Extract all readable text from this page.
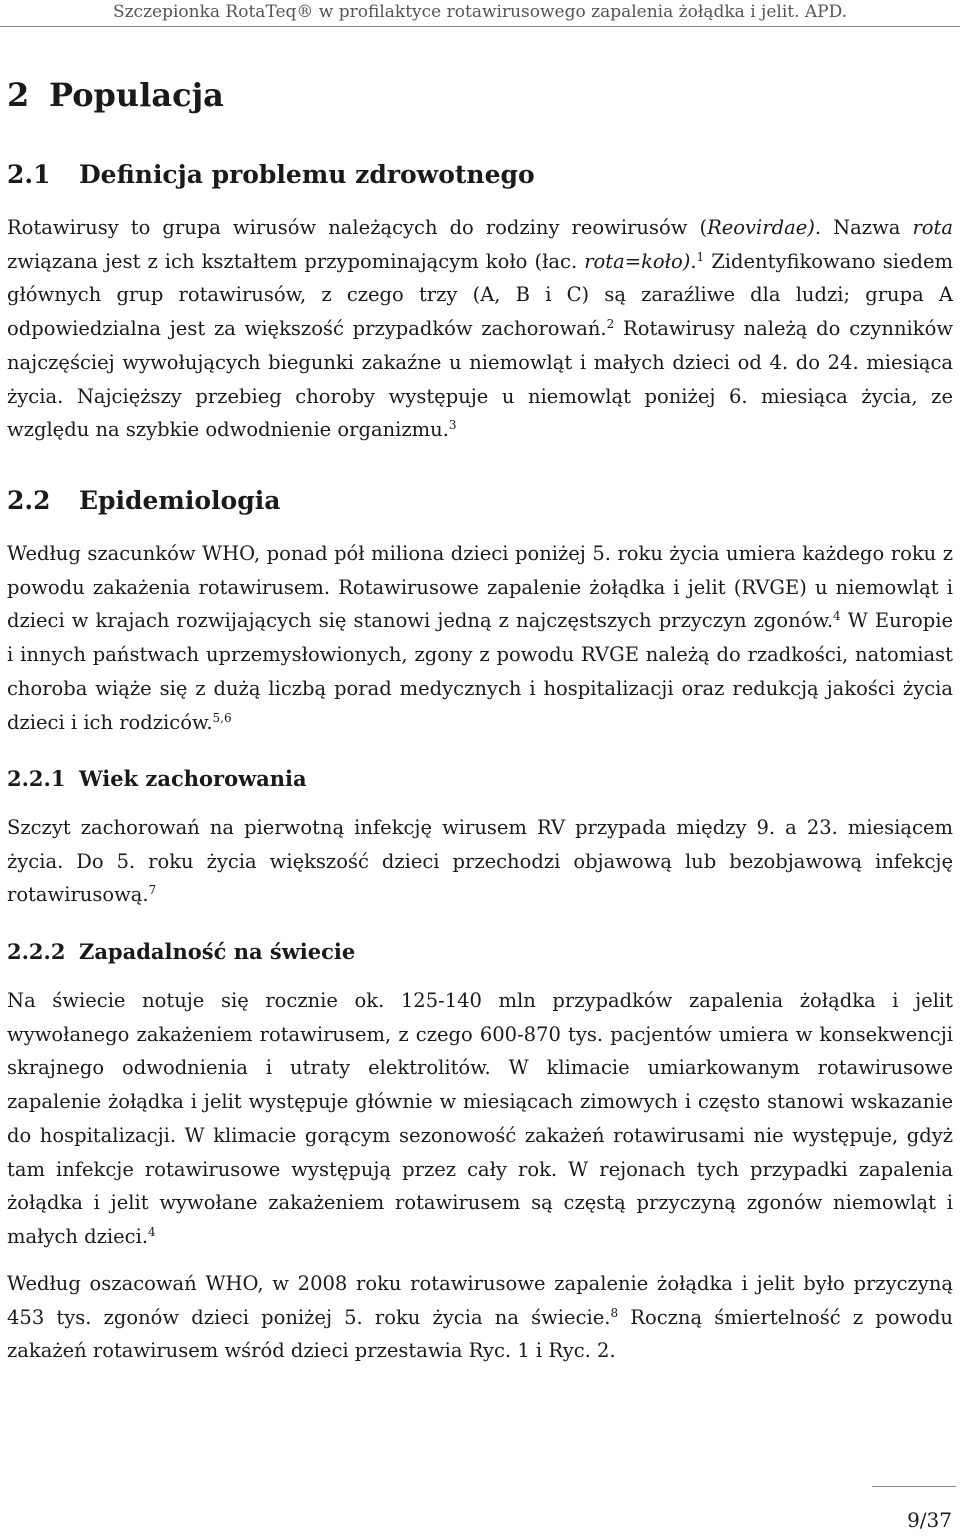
Szczepionka RotaTeq® w profilaktyce rotawirusowego zapalenia żołądka i jelit. APD.
2 Populacja
2.1 Definicja problemu zdrowotnego

Rotawirusy to grupa wirusów należących do rodziny reowirusów (Reovirdae). Nazwa rota związana jest z ich kształtem przypominającym koło (łac. rota=koło).$^1$ Zidentyfikowano siedem głównych grup rotawirusów, z czego trzy (A, B i C) są zaraźliwe dla ludzi; grupa A odpowiedzialna jest za większość przypadków zachorowań.$^2$ Rotawirusy należą do czynników najczęściej wywołujących biegunki zakaźne u niemowląt i małych dzieci od 4. do 24. miesiąca życia. Najcięższy przebieg choroby występuje u niemowląt poniżej 6. miesiąca życia, ze względu na szybkie odwodnienie organizmu.$^3$

2.2 Epidemiologia

Według szacunków WHO, ponad pół miliona dzieci poniżej 5. roku życia umiera każdego roku z powodu zakażenia rotawirusem. Rotawirusowe zapalenie żołądka i jelit (RVGE) u niemowląt i dzieci w krajach rozwijających się stanowi jedną z najczęstszych przyczyn zgonów.$^4$ W Europie i innych państwach uprzemysłowionych, zgony z powodu RVGE należą do rzadkości, natomiast choroba wiąże się z dużą liczbą porad medycznych i hospitalizacji oraz redukcją jakości życia dzieci i ich rodziców.$^{5,6}$

2.2.1 Wiek zachorowania

Szczyt zachorowań na pierwotną infekcję wirusem RV przypada między 9. a 23. miesiącem życia. Do 5. roku życia większość dzieci przechodzi objawową lub bezobjawową infekcję rotawirusową.$^7$

2.2.2 Zapadalność na świecie

Na świecie notuje się rocznie ok. 125-140 mln przypadków zapalenia żołądka i jelit wywołanego zakażeniem rotawirusem, z czego 600-870 tys. pacjentów umiera w konsekwencji skrajnego odwodnienia i utraty elektrolitów. W klimacie umiarkowanym rotawirusowe zapalenie żołądka i jelit występuje głównie w miesiącach zimowych i często stanowi wskazanie do hospitalizacji. W klimacie gorącym sezonowość zakażeń rotawirusami nie występuje, gdyż tam infekcje rotawirusowe występują przez cały rok. W rejonach tych przypadki zapalenia żołądka i jelit wywołane zakażeniem rotawirusem są częstą przyczyną zgonów niemowląt i małych dzieci.$^4$

Według oszacowań WHO, w 2008 roku rotawirusowe zapalenie żołądka i jelit było przyczyną 453 tys. zgonów dzieci poniżej 5. roku życia na świecie.$^8$ Roczną śmiertelność z powodu zakażeń rotawirusem wśród dzieci przestawia Ryc. 1 i Ryc. 2.

9/37
